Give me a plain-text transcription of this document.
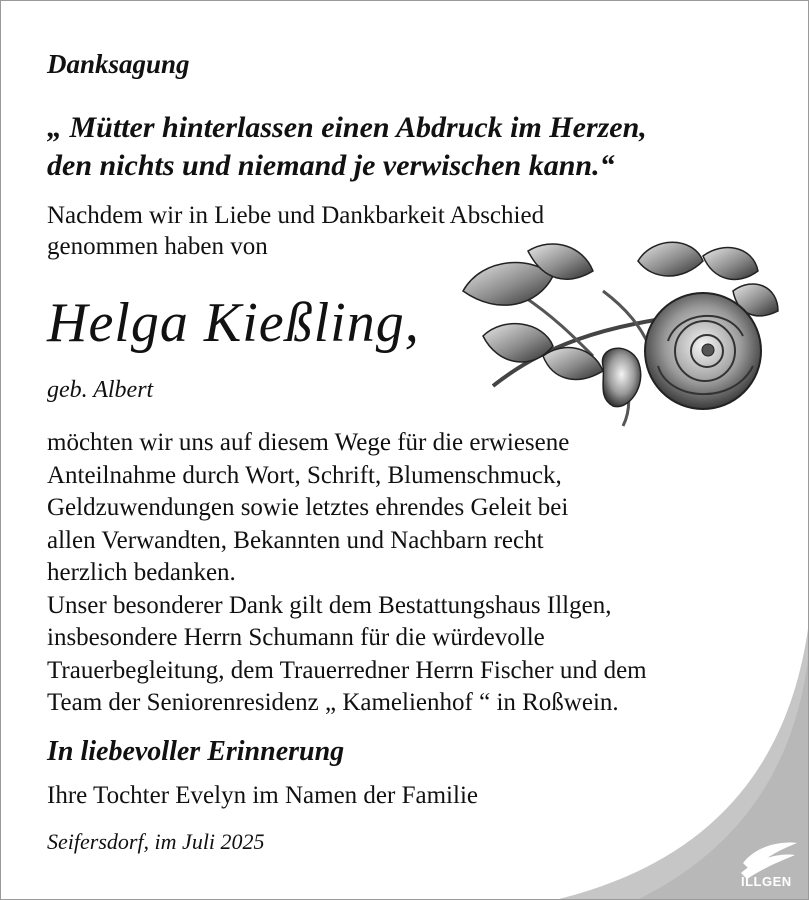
Danksagung
„ Mütter hinterlassen einen Abdruck im Herzen,
den nichts und niemand je verwischen kann.“
Nachdem wir in Liebe und Dankbarkeit Abschied
genommen haben von
Helga Kießling,
geb. Albert
möchten wir uns auf diesem Wege für die erwiesene
Anteilnahme durch Wort, Schrift, Blumenschmuck,
Geldzuwendungen sowie letztes ehrendes Geleit bei
allen Verwandten, Bekannten und Nachbarn recht
herzlich bedanken.
Unser besonderer Dank gilt dem Bestattungshaus Illgen,
insbesondere Herrn Schumann für die würdevolle
Trauerbegleitung, dem Trauerredner Herrn Fischer und dem
Team der Seniorenresidenz „ Kamelienhof “ in Roßwein.
In liebevoller Erinnerung
Ihre Tochter Evelyn im Namen der Familie
Seifersdorf, im Juli 2025
ILLGEN
